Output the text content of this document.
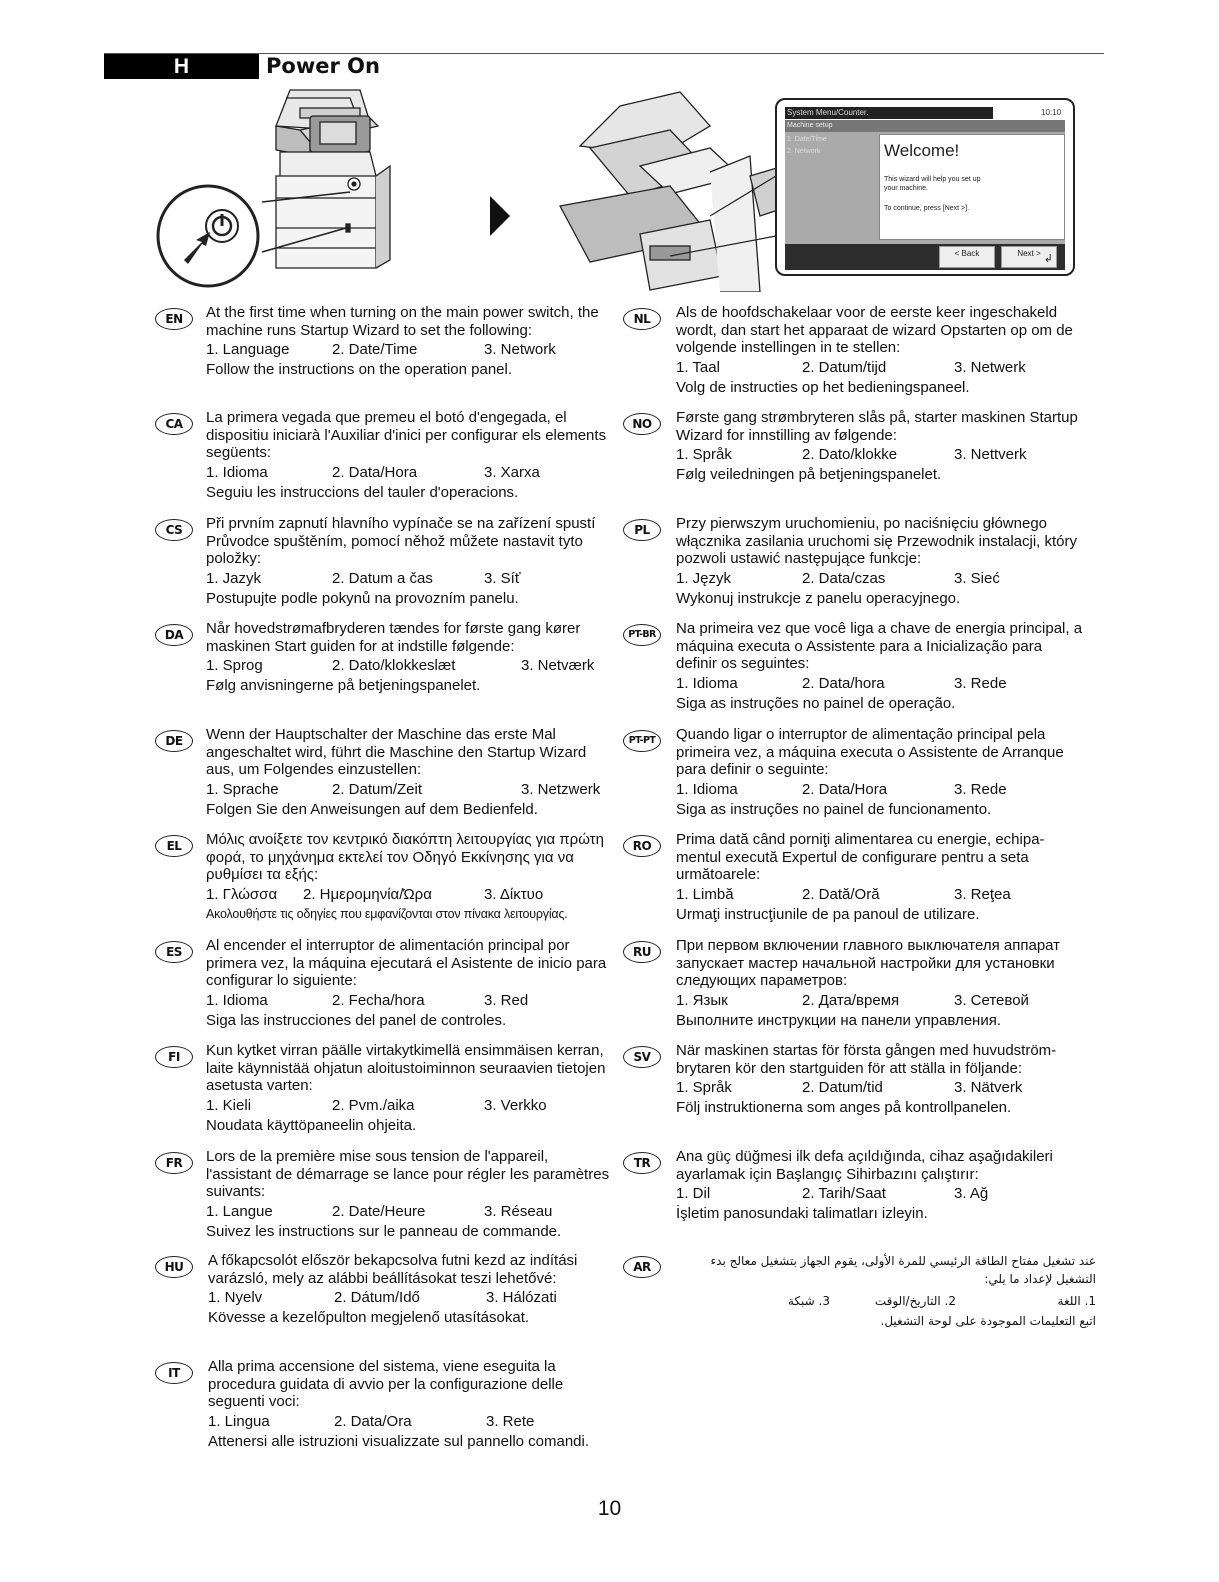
H	Power On
System Menu/Counter.	10:10
Machine setup
1. Date/Time
2. Network	Welcome!
This wizard will help you set up
your machine.
To continue, press [Next >].
< Back	Next > ↲
EN	At the first time when turning on the main power switch, the machine runs Startup Wizard to set the following:

1. Language	2. Date/Time	3. Network

Follow the instructions on the operation panel.

CA	La primera vegada que premeu el botó d'engegada, el dispositiu iniciarà l'Auxiliar d'inici per configurar els elements següents:

1. Idioma	2. Data/Hora	3. Xarxa

Seguiu les instruccions del tauler d'operacions.

CS	Při prvním zapnutí hlavního vypínače se na zařízení spustí Průvodce spuštěním, pomocí něhož můžete nastavit tyto položky:

1. Jazyk	2. Datum a čas	3. Síť

Postupujte podle pokynů na provozním panelu.

DA	Når hovedstrømafbryderen tændes for første gang kører maskinen Start guiden for at indstille følgende:

1. Sprog	2. Dato/klokkeslæt	3. Netværk

Følg anvisningerne på betjeningspanelet.

DE	Wenn der Hauptschalter der Maschine das erste Mal angeschaltet wird, führt die Maschine den Startup Wizard aus, um Folgendes einzustellen:

1. Sprache	2. Datum/Zeit	3. Netzwerk

Folgen Sie den Anweisungen auf dem Bedienfeld.

EL	Μόλις ανοίξετε τον κεντρικό διακόπτη λειτουργίας για πρώτη φορά, το μηχάνημα εκτελεί τον Οδηγό Εκκίνησης για να ρυθμίσει τα εξής:

1. Γλώσσα	2. Ημερομηνία/Ώρα	3. Δίκτυο

Ακολουθήστε τις οδηγίες που εμφανίζονται στον πίνακα λειτουργίας.

ES	Al encender el interruptor de alimentación principal por primera vez, la máquina ejecutará el Asistente de inicio para configurar lo siguiente:

1. Idioma	2. Fecha/hora	3. Red

Siga las instrucciones del panel de controles.

FI	Kun kytket virran päälle virtakytkimellä ensimmäisen kerran, laite käynnistää ohjatun aloitustoiminnon seuraavien tietojen asetusta varten:

1. Kieli	2. Pvm./aika	3. Verkko

Noudata käyttöpaneelin ohjeita.

FR	Lors de la première mise sous tension de l'appareil, l'assistant de démarrage se lance pour régler les paramètres suivants:

1. Langue	2. Date/Heure	3. Réseau

Suivez les instructions sur le panneau de commande.

HU	A főkapcsolót először bekapcsolva futni kezd az indítási varázsló, mely az alábbi beállításokat teszi lehetővé:

1. Nyelv	2. Dátum/Idő	3. Hálózati

Kövesse a kezelőpulton megjelenő utasításokat.

IT	Alla prima accensione del sistema, viene eseguita la procedura guidata di avvio per la configurazione delle seguenti voci:

1. Lingua	2. Data/Ora	3. Rete

Attenersi alle istruzioni visualizzate sul pannello comandi.

NL	Als de hoofdschakelaar voor de eerste keer ingeschakeld wordt, dan start het apparaat de wizard Opstarten op om de volgende instellingen in te stellen:

1. Taal	2. Datum/tijd	3. Netwerk

Volg de instructies op het bedieningspaneel.

NO	Første gang strømbryteren slås på, starter maskinen Startup Wizard for innstilling av følgende:

1. Språk	2. Dato/klokke	3. Nettverk

Følg veiledningen på betjeningspanelet.

PL	Przy pierwszym uruchomieniu, po naciśnięciu głównego włącznika zasilania uruchomi się Przewodnik instalacji, który pozwoli ustawić następujące funkcje:

1. Język	2. Data/czas	3. Sieć

Wykonuj instrukcje z panelu operacyjnego.

PT-BR	Na primeira vez que você liga a chave de energia principal, a máquina executa o Assistente para a Inicialização para definir os seguintes:

1. Idioma	2. Data/hora	3. Rede

Siga as instruções no painel de operação.

PT-PT	Quando ligar o interruptor de alimentação principal pela primeira vez, a máquina executa o Assistente de Arranque para definir o seguinte:

1. Idioma	2. Data/Hora	3. Rede

Siga as instruções no painel de funcionamento.

RO	Prima dată când porniţi alimentarea cu energie, echipa-mentul execută Expertul de configurare pentru a seta următoarele:

1. Limbă	2. Dată/Oră	3. Reţea

Urmaţi instrucţiunile de pa panoul de utilizare.

RU	При первом включении главного выключателя аппарат запускает мастер начальной настройки для установки следующих параметров:

1. Язык	2. Дата/время	3. Сетевой

Выполните инструкции на панели управления.

SV	När maskinen startas för första gången med huvudström-brytaren kör den startguiden för att ställa in följande:

1. Språk	2. Datum/tid	3. Nätverk

Följ instruktionerna som anges på kontrollpanelen.

TR	Ana güç düğmesi ilk defa açıldığında, cihaz aşağıdakileri ayarlamak için Başlangıç Sihirbazını çalıştırır:

1. Dil	2. Tarih/Saat	3. Ağ

İşletim panosundaki talimatları izleyin.

AR	عند تشغيل مفتاح الطاقة الرئيسي للمرة الأولى، يقوم الجهاز بتشغيل معالج بدء التشغيل لإعداد ما يلي:

1. اللغة
2. التاريخ/الوقت
3. شبكة

اتبع التعليمات الموجودة على لوحة التشغيل.

10
